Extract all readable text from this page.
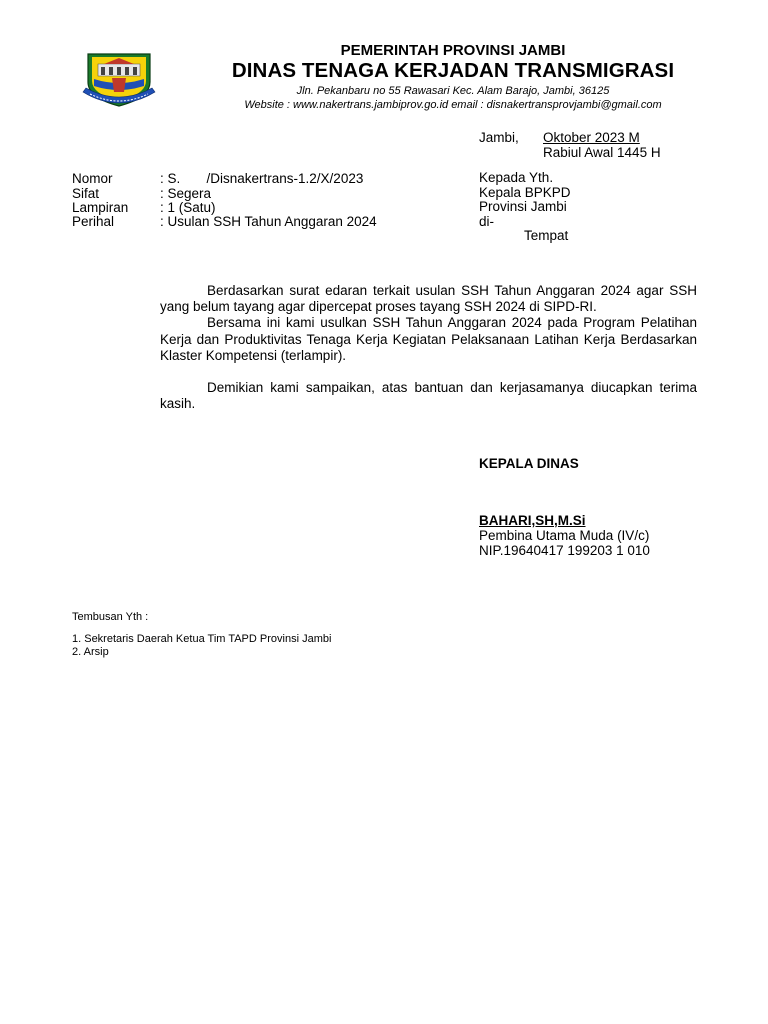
PEMERINTAH PROVINSI JAMBI
DINAS TENAGA KERJADAN TRANSMIGRASI
Jln. Pekanbaru no 55 Rawasari Kec. Alam Barajo, Jambi, 36125
Website : www.nakertrans.jambiprov.go.id email : disnakertransprovjambi@gmail.com
Jambi, Oktober 2023 M
Rabiul Awal 1445 H
Nomor	: S.       /Disnakertrans-1.2/X/2023
Sifat	: Segera
Lampiran : 1 (Satu)
Perihal	: Usulan SSH Tahun Anggaran 2024
Kepada Yth.
Kepala BPKPD
Provinsi Jambi
di-
Tempat

Berdasarkan surat edaran terkait usulan SSH Tahun Anggaran 2024 agar SSH yang belum tayang agar dipercepat proses tayang SSH 2024 di SIPD-RI.

Bersama ini kami usulkan SSH Tahun Anggaran 2024 pada Program Pelatihan Kerja dan Produktivitas Tenaga Kerja Kegiatan Pelaksanaan Latihan Kerja Berdasarkan Klaster Kompetensi (terlampir).

Demikian kami sampaikan, atas bantuan dan kerjasamanya diucapkan terima kasih.

KEPALA DINAS
BAHARI,SH,M.Si
Pembina Utama Muda (IV/c)
NIP.19640417 199203 1 010
Tembusan Yth :
1. Sekretaris Daerah Ketua Tim TAPD Provinsi Jambi
2. Arsip
